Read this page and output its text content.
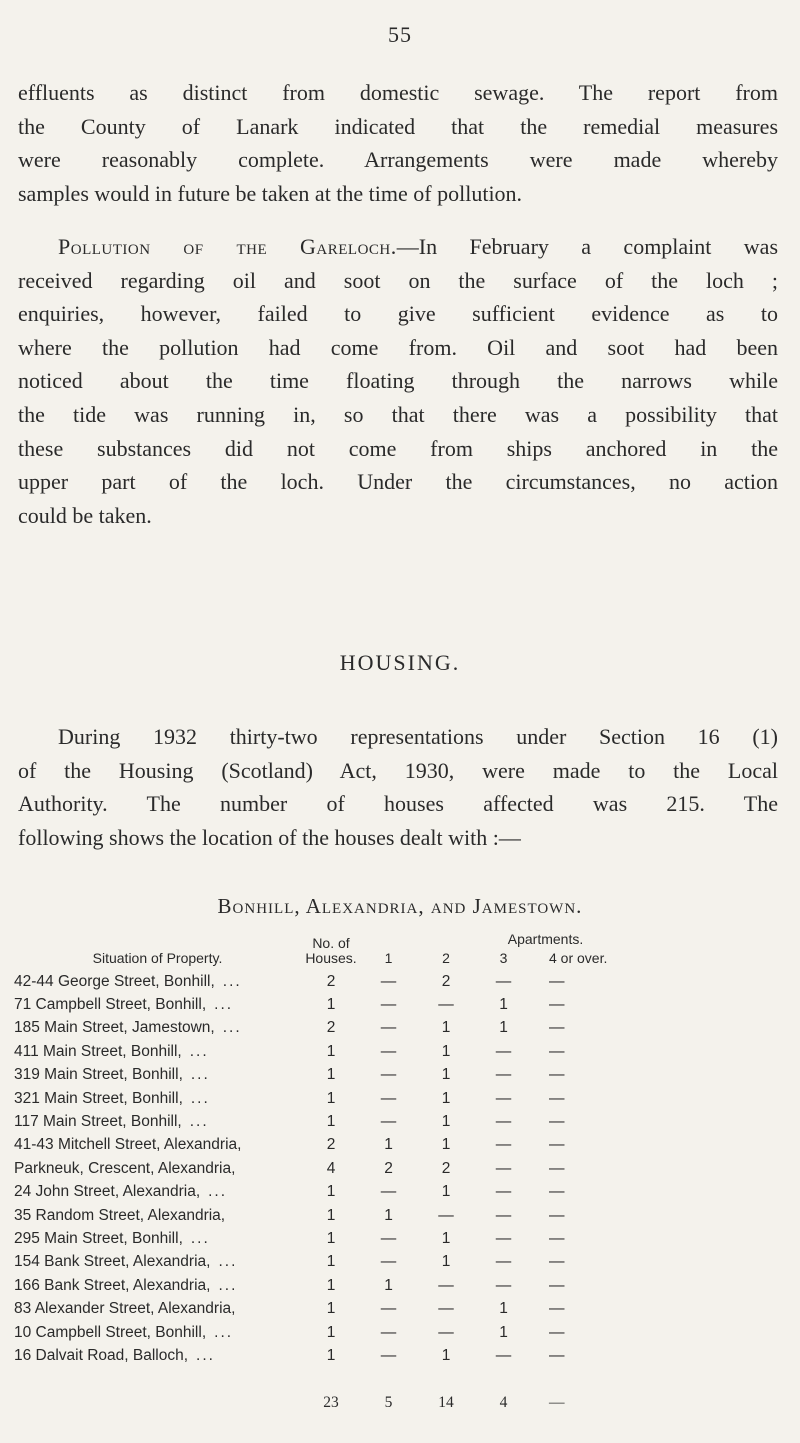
55

effluents as distinct from domestic sewage. The report from
the County of Lanark indicated that the remedial measures
were reasonably complete. Arrangements were made whereby
samples would in future be taken at the time of pollution.

Pollution of the Gareloch.—In February a complaint was
received regarding oil and soot on the surface of the loch ;
enquiries, however, failed to give sufficient evidence as to
where the pollution had come from. Oil and soot had been
noticed about the time floating through the narrows while
the tide was running in, so that there was a possibility that
these substances did not come from ships anchored in the
upper part of the loch. Under the circumstances, no action
could be taken.

HOUSING.

During 1932 thirty-two representations under Section 16 (1)
of the Housing (Scotland) Act, 1930, were made to the Local
Authority. The number of houses affected was 215. The
following shows the location of the houses dealt with :—

Bonhill, Alexandria, and Jamestown.
Situation of Property.	No. of Houses.	Apartments.			
		1	2	3	4 or over.
42-44 George Street, Bonhill, ...	2	—	2	—	—
71 Campbell Street, Bonhill, ...	1	—	—	1	—
185 Main Street, Jamestown, ...	2	—	1	1	—
411 Main Street, Bonhill, ...	1	—	1	—	—
319 Main Street, Bonhill, ...	1	—	1	—	—
321 Main Street, Bonhill, ...	1	—	1	—	—
117 Main Street, Bonhill, ...	1	—	1	—	—
41-43 Mitchell Street, Alexandria,	2	1	1	—	—
Parkneuk, Crescent, Alexandria,	4	2	2	—	—
24 John Street, Alexandria, ...	1	—	1	—	—
35 Random Street, Alexandria,	1	1	—	—	—
295 Main Street, Bonhill, ...	1	—	1	—	—
154 Bank Street, Alexandria, ...	1	—	1	—	—
166 Bank Street, Alexandria, ...	1	1	—	—	—
83 Alexander Street, Alexandria,	1	—	—	1	—
10 Campbell Street, Bonhill, ...	1	—	—	1	—
16 Dalvait Road, Balloch, ...	1	—	1	—	—
	23	5	14	4	—
